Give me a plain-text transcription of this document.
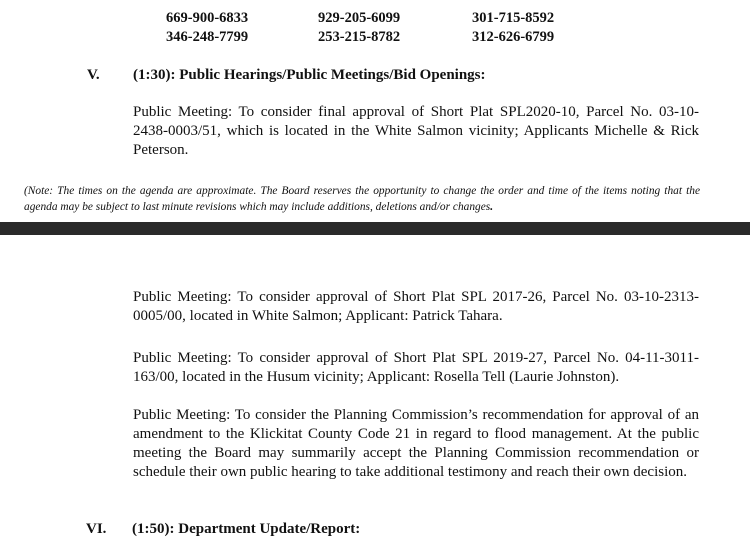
669-900-6833	929-205-6099	301-715-8592
346-248-7799	253-215-8782	312-626-6799
V.	(1:30): Public Hearings/Public Meetings/Bid Openings:
Public Meeting: To consider final approval of Short Plat SPL2020-10, Parcel No. 03-10-2438-0003/51, which is located in the White Salmon vicinity; Applicants Michelle & Rick Peterson.
(Note: The times on the agenda are approximate. The Board reserves the opportunity to change the order and time of the items noting that the agenda may be subject to last minute revisions which may include additions, deletions and/or changes.
Public Meeting: To consider approval of Short Plat SPL 2017-26, Parcel No. 03-10-2313-0005/00, located in White Salmon; Applicant: Patrick Tahara.
Public Meeting: To consider approval of Short Plat SPL 2019-27, Parcel No. 04-11-3011-163/00, located in the Husum vicinity; Applicant: Rosella Tell (Laurie Johnston).
Public Meeting: To consider the Planning Commission’s recommendation for approval of an amendment to the Klickitat County Code 21 in regard to flood management. At the public meeting the Board may summarily accept the Planning Commission recommendation or schedule their own public hearing to take additional testimony and reach their own decision.
VI.	(1:50): Department Update/Report:
